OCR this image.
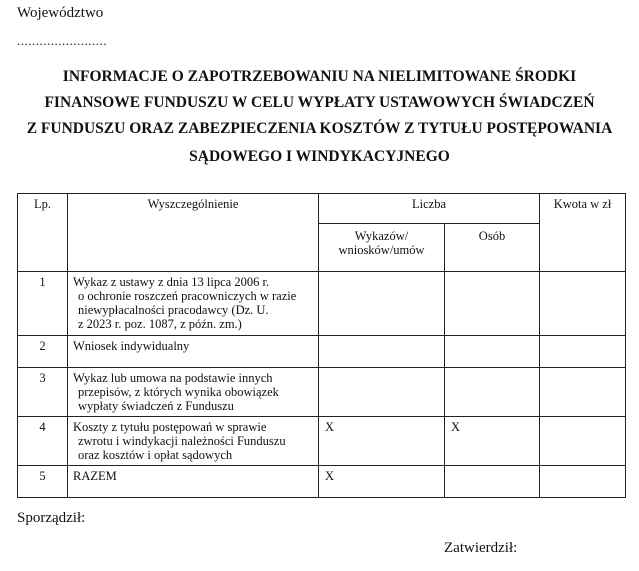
Województwo
........................
INFORMACJE O ZAPOTRZEBOWANIU NA NIELIMITOWANE ŚRODKI
FINANSOWE FUNDUSZU W CELU WYPŁATY USTAWOWYCH ŚWIADCZEŃ
Z FUNDUSZU ORAZ ZABEZPIECZENIA KOSZTÓW Z TYTUŁU POSTĘPOWANIA
SĄDOWEGO I WINDYKACYJNEGO
Lp.	Wyszczególnienie	Liczba		Kwota w zł
		Wykazów/ wniosków/umów	Osób	
1	Wykaz z ustawy z dnia 13 lipca 2006 r.
o ochronie roszczeń pracowniczych w razie
niewypłacalności pracodawcy (Dz. U.
z 2023 r. poz. 1087, z późn. zm.)			

2	Wniosek indywidualny			

3	Wykaz lub umowa na podstawie innych
przepisów, z których wynika obowiązek
wypłaty świadczeń z Funduszu			

4	Koszty z tytułu postępowań w sprawie
zwrotu i windykacji należności Funduszu
oraz kosztów i opłat sądowych	X	X	
5	RAZEM	X		
Sporządził:
Zatwierdził:
